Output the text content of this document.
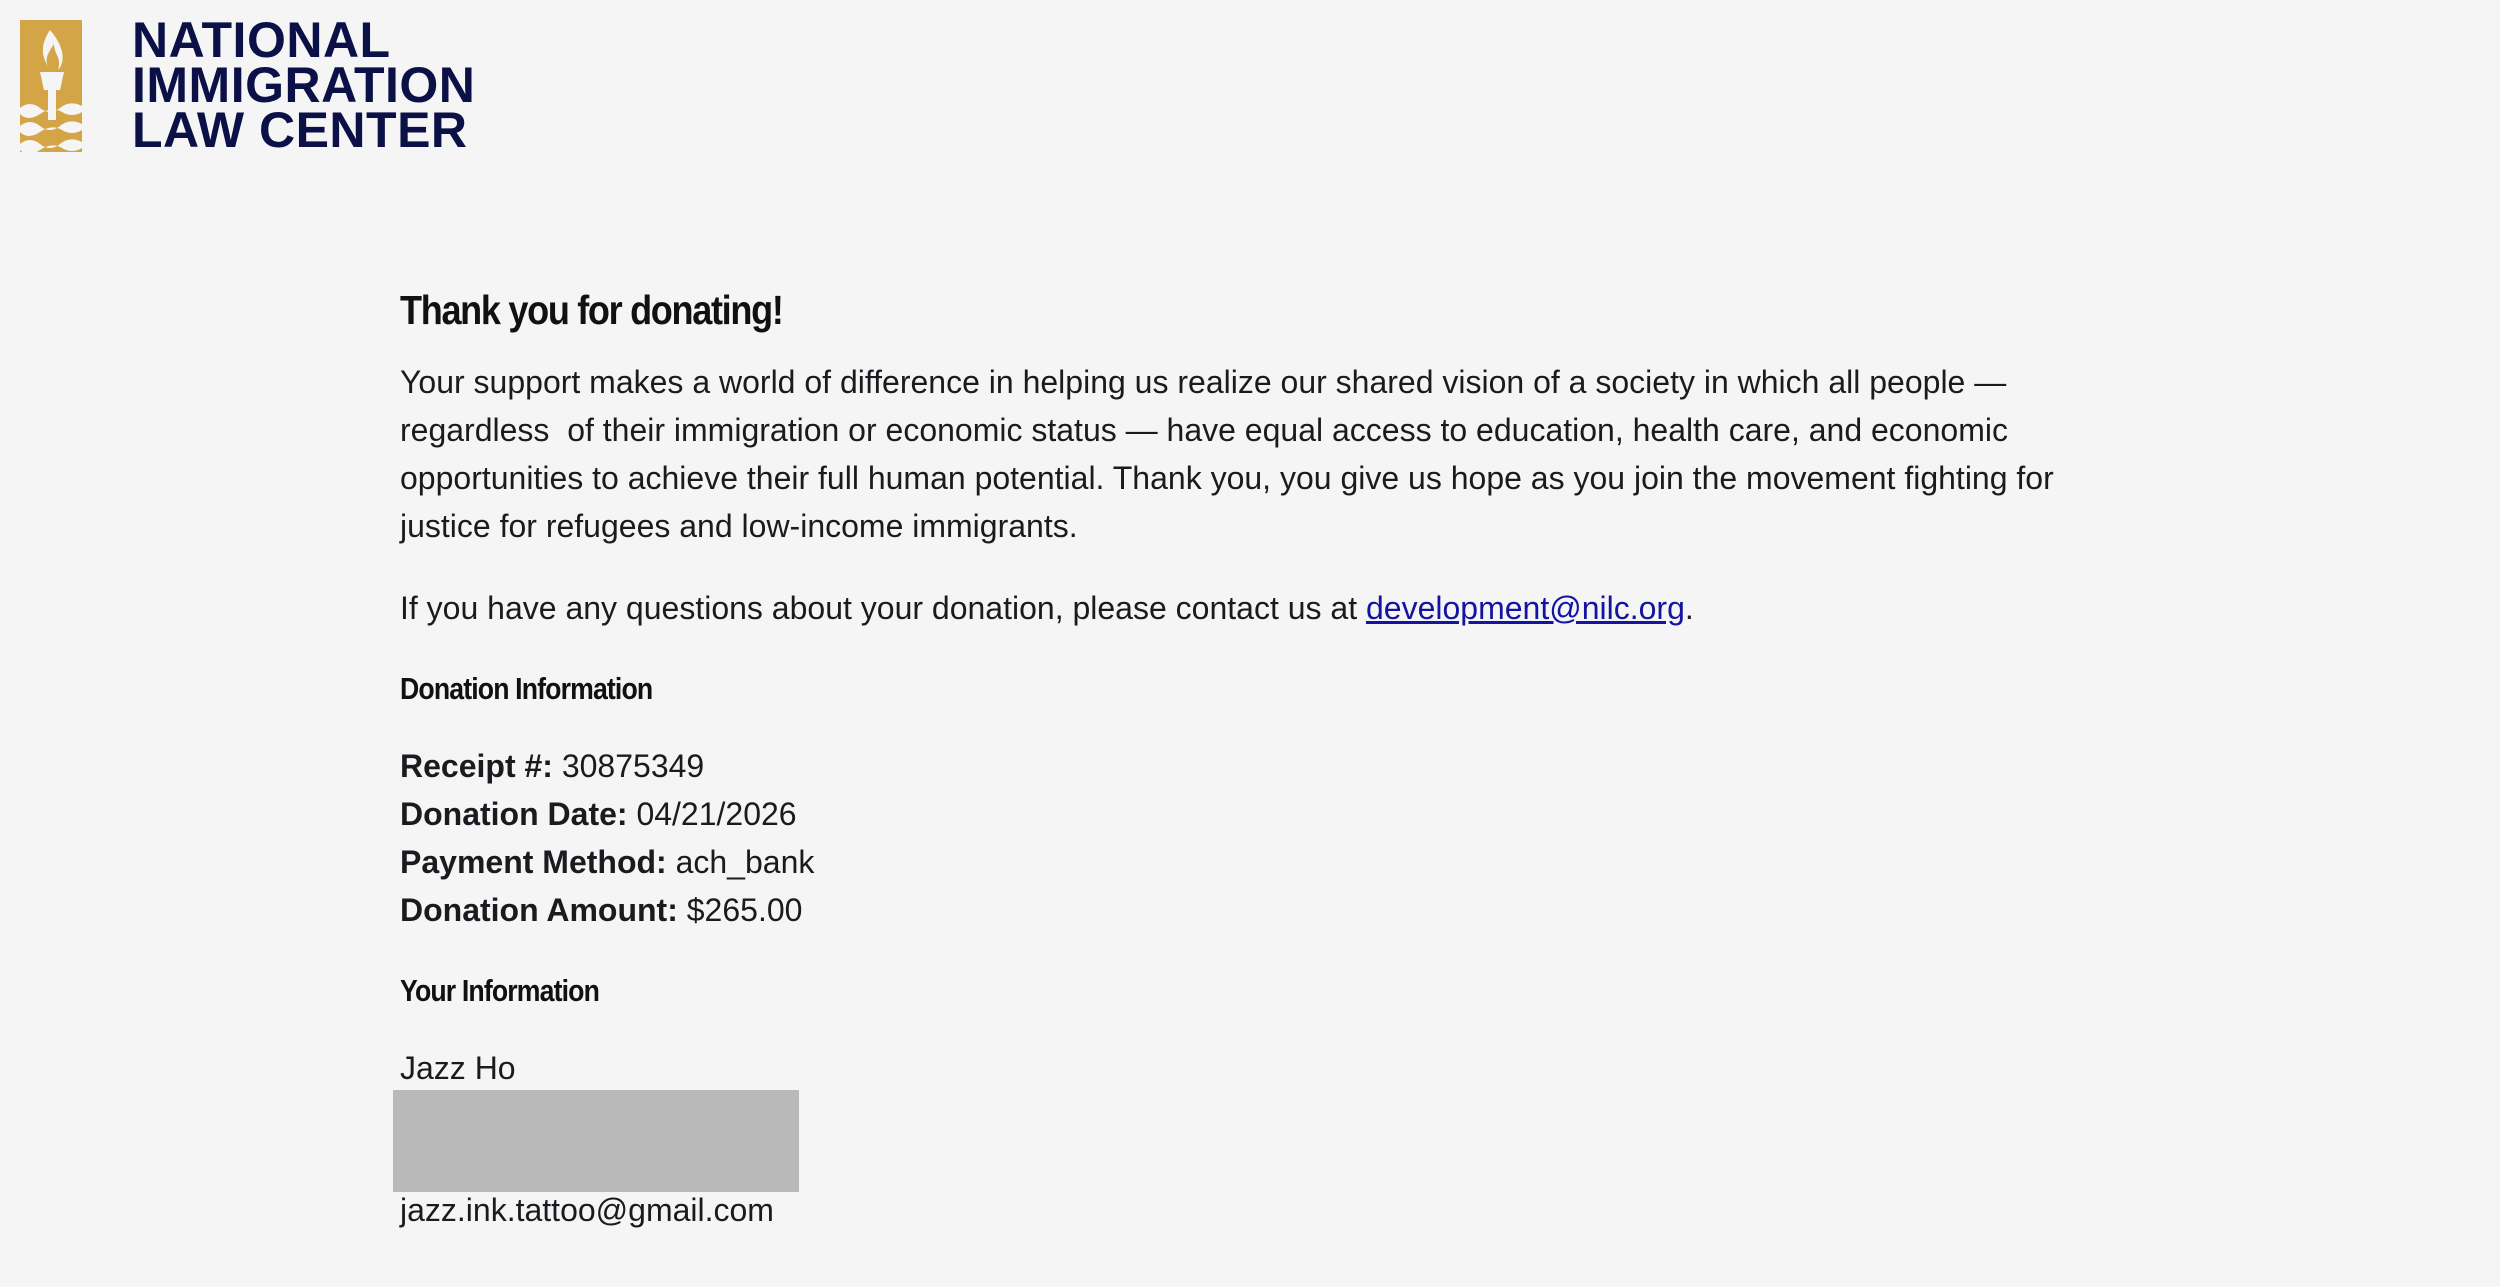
NATIONAL
IMMIGRATION
LAW CENTER
Thank you for donating!
Your support makes a world of difference in helping us realize our shared vision of a society in which all people —
regardless  of their immigration or economic status — have equal access to education, health care, and economic
opportunities to achieve their full human potential. Thank you, you give us hope as you join the movement fighting for
justice for refugees and low-income immigrants.
If you have any questions about your donation, please contact us at development@nilc.org.
Donation Information
Receipt #: 30875349
Donation Date: 04/21/2026
Payment Method: ach_bank
Donation Amount: $265.00
Your Information
Jazz Ho
jazz.ink.tattoo@gmail.com
